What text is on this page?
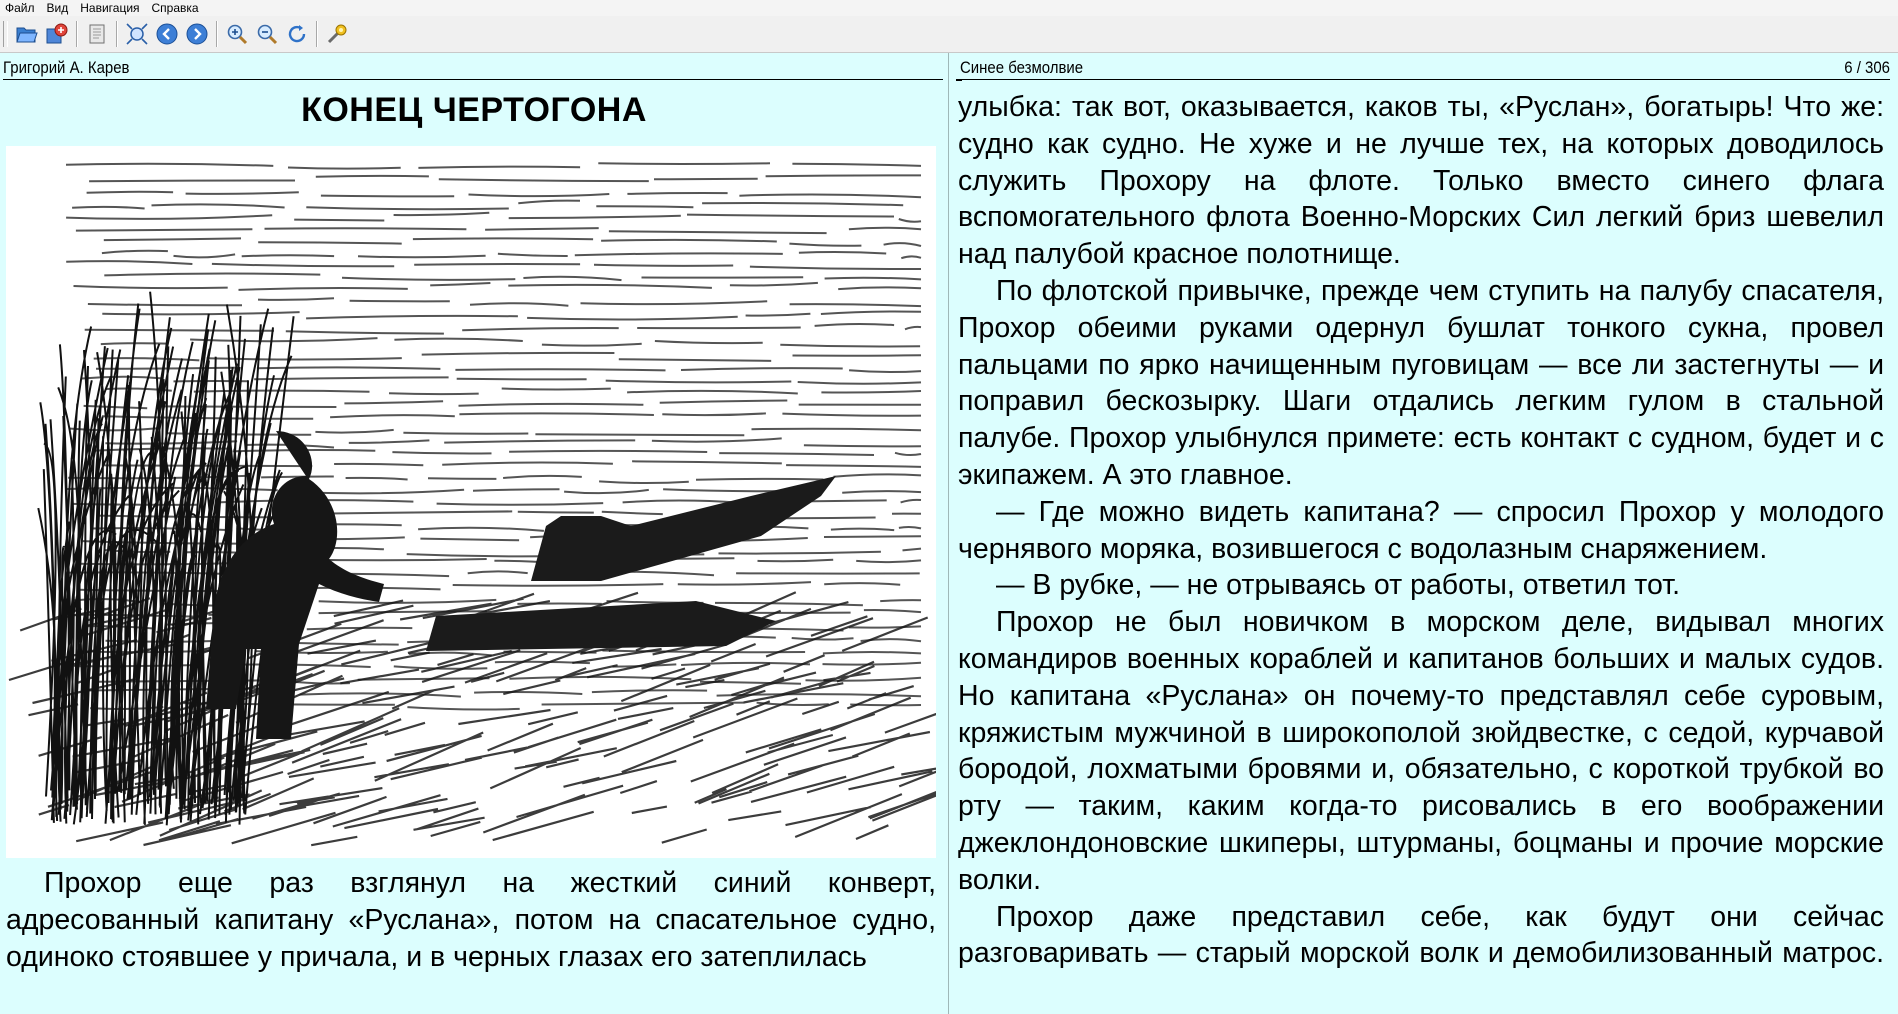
Файл	Вид	Навигация	Справка
Григорий А. Карев
КОНЕЦ ЧЕРТОГОНА

Прохор еще раз взглянул на жесткий синий конверт, адресованный капитану «Руслана», потом на спасательное судно, одиноко стоявшее у причала, и в черных глазах его затеплилась

Синее безмолвие	6 / 306

улыбка: так вот, оказывается, каков ты, «Руслан», богатырь! Что же: судно как судно. Не хуже и не лучше тех, на которых доводилось служить Прохору на флоте. Только вместо синего флага вспомогательного флота Военно-Морских Сил легкий бриз шевелил над палубой красное полотнище.

По флотской привычке, прежде чем ступить на палубу спасателя, Прохор обеими руками одернул бушлат тонкого сукна, провел пальцами по ярко начищенным пуговицам — все ли застегнуты — и поправил бескозырку. Шаги отдались легким гулом в стальной палубе. Прохор улыбнулся примете: есть контакт с судном, будет и с экипажем. А это главное.

— Где можно видеть капитана? — спросил Прохор у молодого чернявого моряка, возившегося с водолазным снаряжением.

— В рубке, — не отрываясь от работы, ответил тот.

Прохор не был новичком в морском деле, видывал многих командиров военных кораблей и капитанов больших и малых судов. Но капитана «Руслана» он почему-то представлял себе суровым, кряжистым мужчиной в широкополой зюйдвестке, с седой, курчавой бородой, лохматыми бровями и, обязательно, с короткой трубкой во рту — таким, каким когда-то рисовались в его воображении джеклондоновские шкиперы, штурманы, боцманы и прочие морские волки.

Прохор даже представил себе, как будут они сейчас разговаривать — старый морской волк и демобилизованный матрос.
